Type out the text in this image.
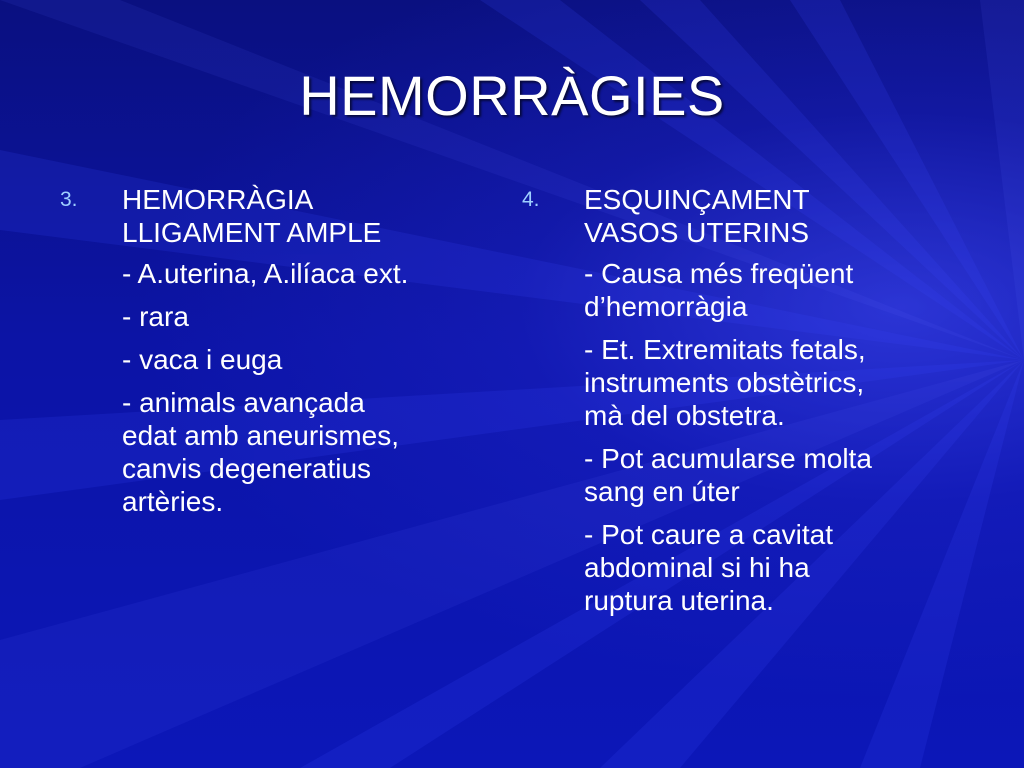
HEMORRÀGIES
3. HEMORRÀGIA
LLIGAMENT AMPLE
- A.uterina, A.ilíaca ext.
- rara
- vaca i euga
- animals avançada
edat amb aneurismes,
canvis degeneratius
artèries.
4. ESQUINÇAMENT
VASOS UTERINS
- Causa més freqüent
d’hemorràgia
- Et. Extremitats fetals,
instruments obstètrics,
mà del obstetra.
- Pot acumularse molta
sang en úter
- Pot caure a cavitat
abdominal si hi ha
ruptura uterina.
